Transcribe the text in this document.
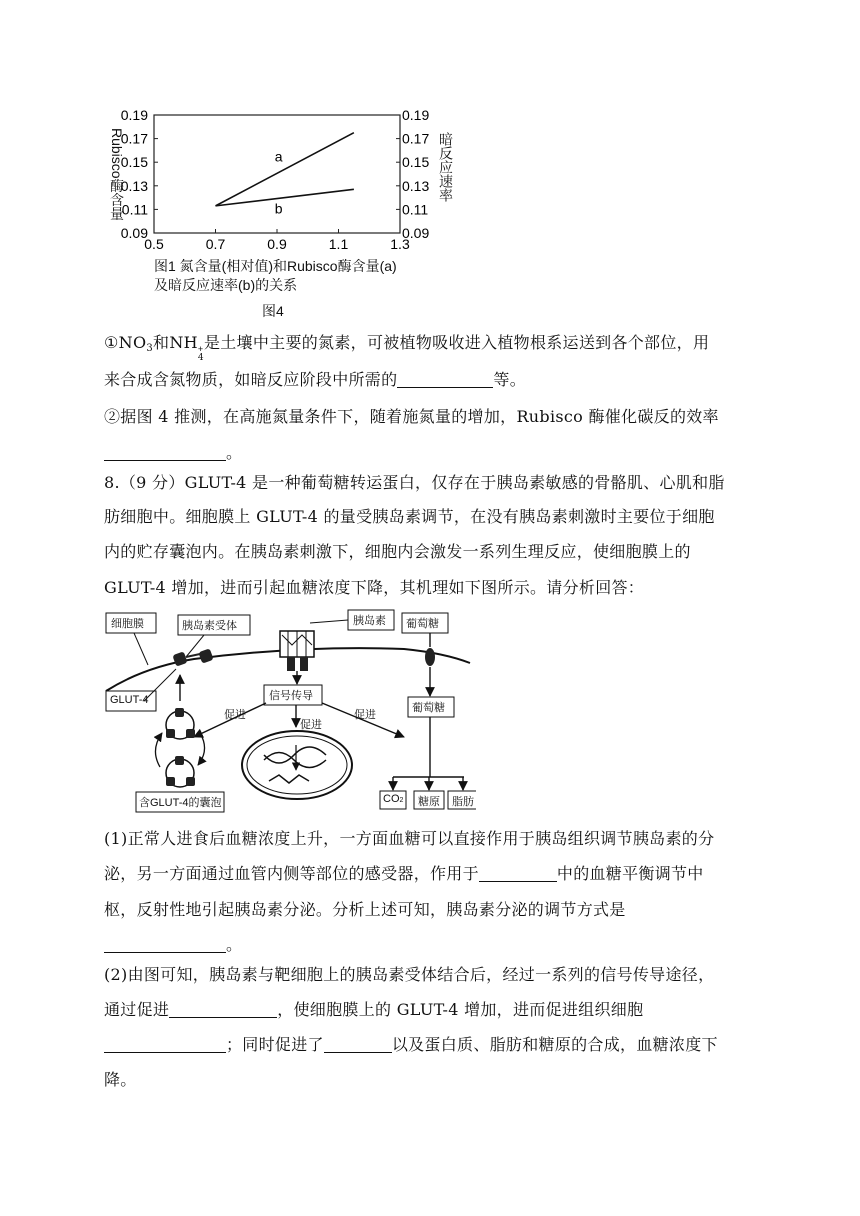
0.19
0.17
0.15
0.13
0.11
0.09
0.19
0.17
0.15
0.13
0.11
0.09
0.5	0.7	0.9	1.1	1.3
a
b
Rubisco酶含量	暗反应速率
图1 氮含量(相对值)和Rubisco酶含量(a)
及暗反应速率(b)的关系
图4
$①NO_3$和NH +
4
是土壤中主要的氮素，可被植物吸收进入植物根系运送到各个部位，用
来合成含氮物质，如暗反应阶段中所需的	等。
②据图 4 推测，在高施氮量条件下，随着施氮量的增加，Rubisco 酶催化碳反的效率
。
8.（9 分）GLUT-4 是一种葡萄糖转运蛋白，仅存在于胰岛素敏感的骨骼肌、心肌和脂
肪细胞中。细胞膜上 GLUT-4 的量受胰岛素调节，在没有胰岛素刺激时主要位于细胞
内的贮存囊泡内。在胰岛素刺激下，细胞内会激发一系列生理反应，使细胞膜上的
GLUT-4 增加，进而引起血糖浓度下降，其机理如下图所示。请分析回答：
细胞膜	胰岛素受体	胰岛素 葡萄糖
GLUT-4	信号传导
促进
促进
促进
葡萄糖
含GLUT-4的囊泡	CO2 糖原 脂肪
(1)正常人进食后血糖浓度上升，一方面血糖可以直接作用于胰岛组织调节胰岛素的分
泌，另一方面通过血管内侧等部位的感受器，作用于	中的血糖平衡调节中
枢，反射性地引起胰岛素分泌。分析上述可知，胰岛素分泌的调节方式是
。
(2)由图可知，胰岛素与靶细胞上的胰岛素受体结合后，经过一系列的信号传导途径，
通过促进	，使细胞膜上的 GLUT-4 增加，进而促进组织细胞
；同时促进了	以及蛋白质、脂肪和糖原的合成，血糖浓度下
降。
